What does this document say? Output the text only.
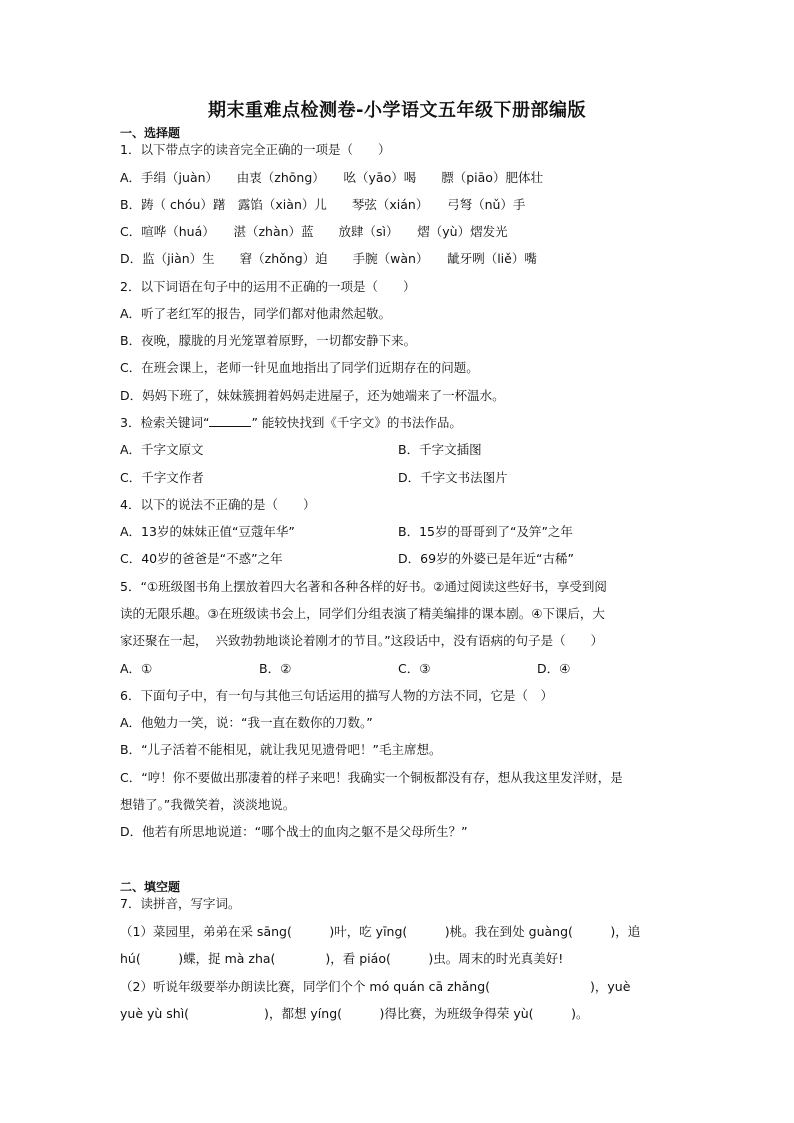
期末重难点检测卷-小学语文五年级下册部编版
一、选择题
1．以下带点字的读音完全正确的一项是（　　）
A．手绢（juàn）　　由衷（zhōng）　　吆（yāo）喝　　膘（piāo）肥体壮
B．踌（ chóu）躇　露馅（xiàn）儿　　琴弦（xián）　　弓弩（nǔ）手
C．喧哗（huá）　　湛（zhàn）蓝　　放肆（sì）　　熠（yù）熠发光
D．监（jiàn）生　　窘（zhǒng）迫　　手腕（wàn）　　龇牙咧（liě）嘴
2．以下词语在句子中的运用不正确的一项是（　　）
A．听了老红军的报告，同学们都对他肃然起敬。
B．夜晚，朦胧的月光笼罩着原野，一切都安静下来。
C．在班会课上，老师一针见血地指出了同学们近期存在的问题。
D．妈妈下班了，妹妹簇拥着妈妈走进屋子，还为她端来了一杯温水。
3．检索关键词“	” 能较快找到《千字文》的书法作品。
A．千字文原文	B．千字文插图
C．千字文作者	D．千字文书法图片
4．以下的说法不正确的是（　　）
A．13岁的妹妹正值“豆蔻年华”	B．15岁的哥哥到了“及笄”之年
C．40岁的爸爸是“不惑”之年	D．69岁的外婆已是年近“古稀”
5．“①班级图书角上摆放着四大名著和各种各样的好书。②通过阅读这些好书，享受到阅
读的无限乐趣。③在班级读书会上，同学们分组表演了精美编排的课本剧。④下课后，大
家还聚在一起，  兴致勃勃地谈论着刚才的节目。”这段话中，没有语病的句子是（　　）
A．①	B．②	C．③	D．④
6．下面句子中，有一句与其他三句话运用的描写人物的方法不同，它是（　）
A．他勉力一笑，说：“我一直在数你的刀数。”
B．“儿子活着不能相见，就让我见见遗骨吧！”毛主席想。
C．“哼！你不要做出那凄着的样子来吧！我确实一个铜板都没有存，想从我这里发洋财，是
想错了。”我微笑着，淡淡地说。
D．他若有所思地说道：“哪个战士的血肉之躯不是父母所生？”
二、填空题
7．读拼音，写字词。
（1）菜园里，弟弟在采 sāng(　　　)叶，吃 yīng(　　　)桃。我在到处 guàng(　　　)，追
hú(　　　)蝶，捉 mà zha(　　　　)，看 piáo(　　　)虫。周末的时光真美好!
（2）听说年级要举办朗读比赛，同学们个个 mó quán cā zhǎng(　　　　　　　　)，yuè
yuè yù shì(　　　　　　)，都想 yíng(　　　)得比赛，为班级争得荣 yù(　　　)。
